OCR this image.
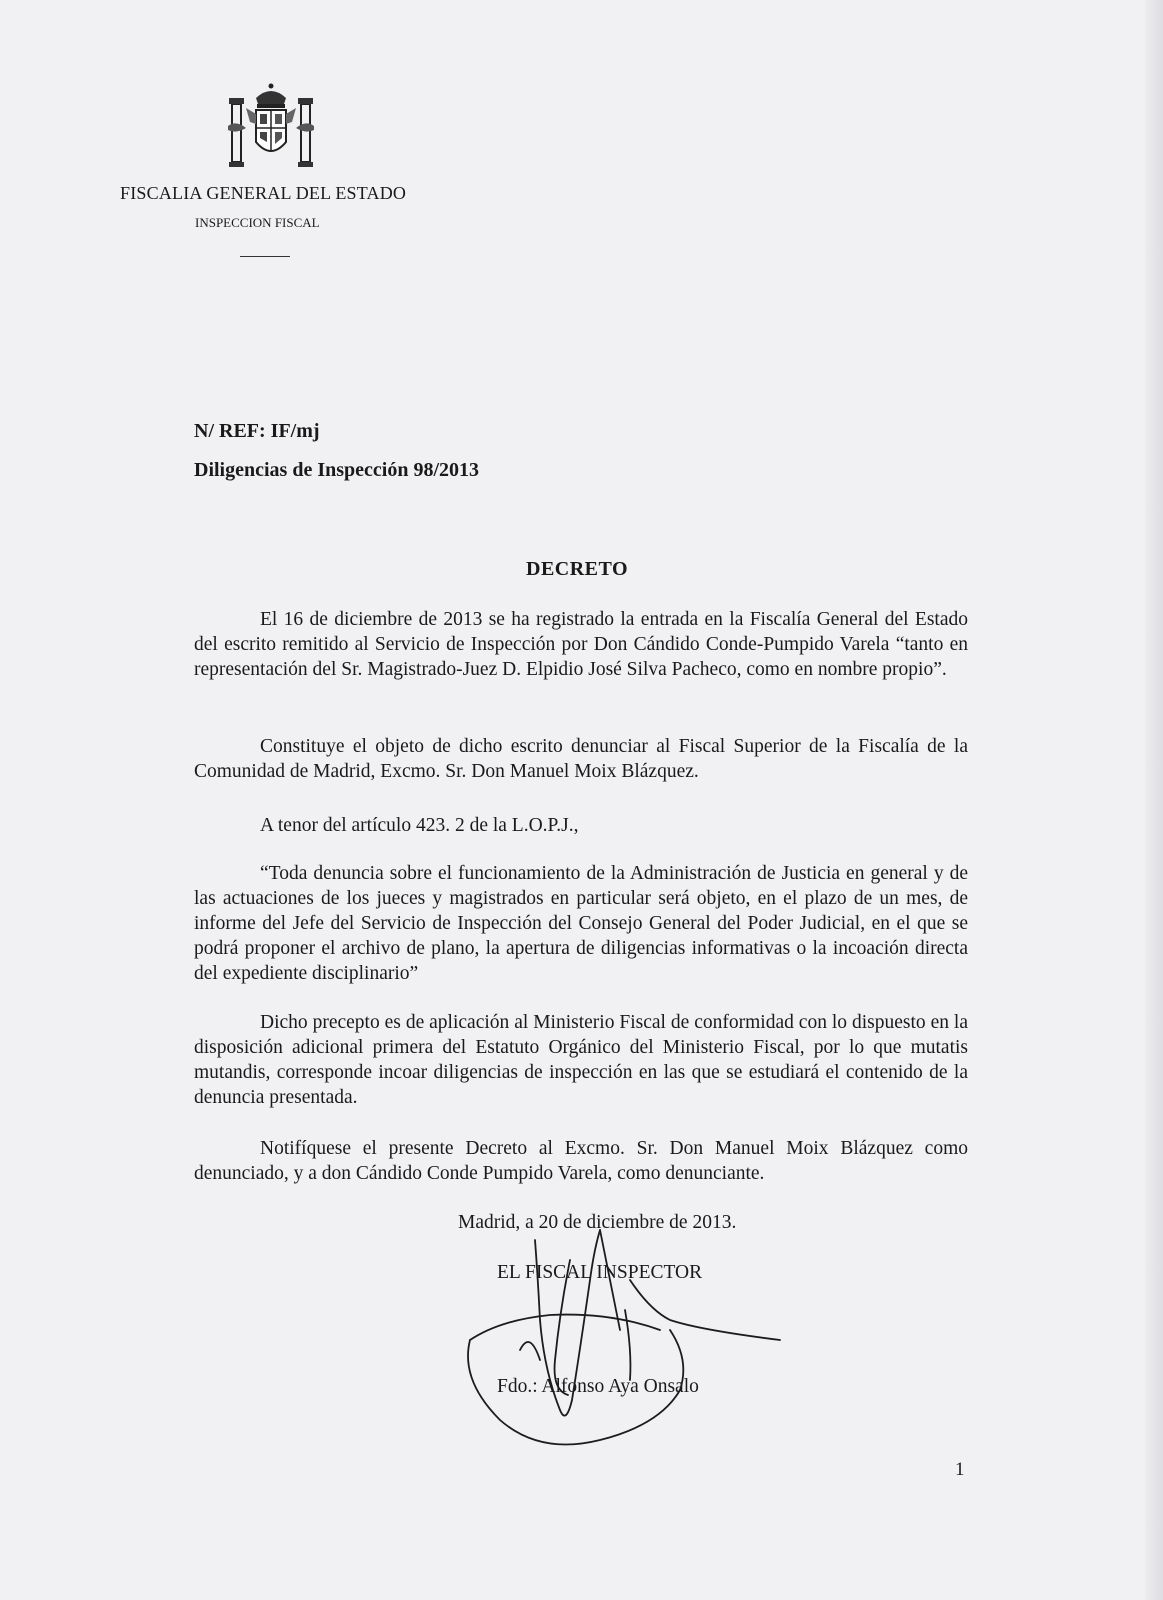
FISCALIA GENERAL DEL ESTADO
INSPECCION FISCAL
N/ REF: IF/mj
Diligencias de Inspección 98/2013
DECRETO

El 16 de diciembre de 2013 se ha registrado la entrada en la Fiscalía General del Estado del escrito remitido al Servicio de Inspección por Don Cándido Conde-Pumpido Varela “tanto en representación del Sr. Magistrado-Juez D. Elpidio José Silva Pacheco, como en nombre propio”.

Constituye el objeto de dicho escrito denunciar al Fiscal Superior de la Fiscalía de la Comunidad de Madrid, Excmo. Sr. Don Manuel Moix Blázquez.

A tenor del artículo 423. 2 de la L.O.P.J.,

“Toda denuncia sobre el funcionamiento de la Administración de Justicia en general y de las actuaciones de los jueces y magistrados en particular será objeto, en el plazo de un mes, de informe del Jefe del Servicio de Inspección del Consejo General del Poder Judicial, en el que se podrá proponer el archivo de plano, la apertura de diligencias informativas o la incoación directa del expediente disciplinario”

Dicho precepto es de aplicación al Ministerio Fiscal de conformidad con lo dispuesto en la disposición adicional primera del Estatuto Orgánico del Ministerio Fiscal, por lo que mutatis mutandis, corresponde incoar diligencias de inspección en las que se estudiará el contenido de la denuncia presentada.

Notifíquese el presente Decreto al Excmo. Sr. Don Manuel Moix Blázquez como denunciado, y a don Cándido Conde Pumpido Varela, como denunciante.

Madrid, a 20 de diciembre de 2013.
EL FISCAL INSPECTOR
Fdo.: Alfonso Aya Onsalo
1
